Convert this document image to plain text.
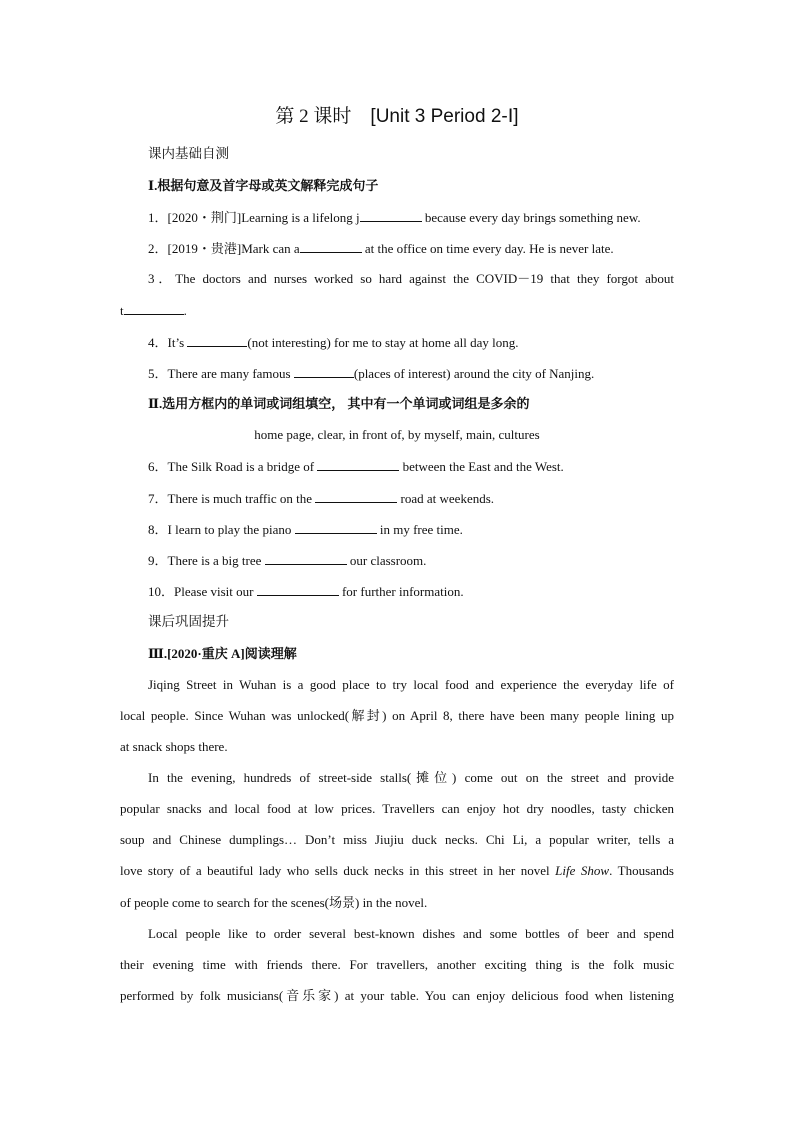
第 2 课时 [Unit 3 Period 2-Ⅰ]
课内基础自测
Ⅰ.根据句意及首字母或英文解释完成句子
1．[2020・荆门]Learning is a lifelong j	because every day brings something new.
2．[2019・贵港]Mark can a	at the office on time every day. He is never late.
3．The doctors and nurses worked so hard against the COVID－19 that they forgot about
t	.
4．It’s	(not interesting) for me to stay at home all day long.
5．There are many famous	(places of interest) around the city of Nanjing.
Ⅱ.选用方框内的单词或词组填空， 其中有一个单词或词组是多余的
home page, clear, in front of, by myself, main, cultures
6．The Silk Road is a bridge of	between the East and the West.
7．There is much traffic on the	road at weekends.
8．I learn to play the piano	in my free time.
9．There is a big tree	our classroom.
10．Please visit our	for further information.
课后巩固提升
Ⅲ.[2020·重庆 A]阅读理解
Jiqing Street in Wuhan is a good place to try local food and experience the everyday life of
local people. Since Wuhan was unlocked(解封) on April 8, there have been many people lining up
at snack shops there.
In the evening, hundreds of street-side stalls(摊位) come out on the street and provide
popular snacks and local food at low prices. Travellers can enjoy hot dry noodles, tasty chicken
soup and Chinese dumplings… Don’t miss Jiujiu duck necks. Chi Li, a popular writer, tells a
love story of a beautiful lady who sells duck necks in this street in her novel Life Show. Thousands
of people come to search for the scenes(场景) in the novel.
Local people like to order several best-known dishes and some bottles of beer and spend
their evening time with friends there. For travellers, another exciting thing is the folk music
performed by folk musicians(音乐家) at your table. You can enjoy delicious food when listening
